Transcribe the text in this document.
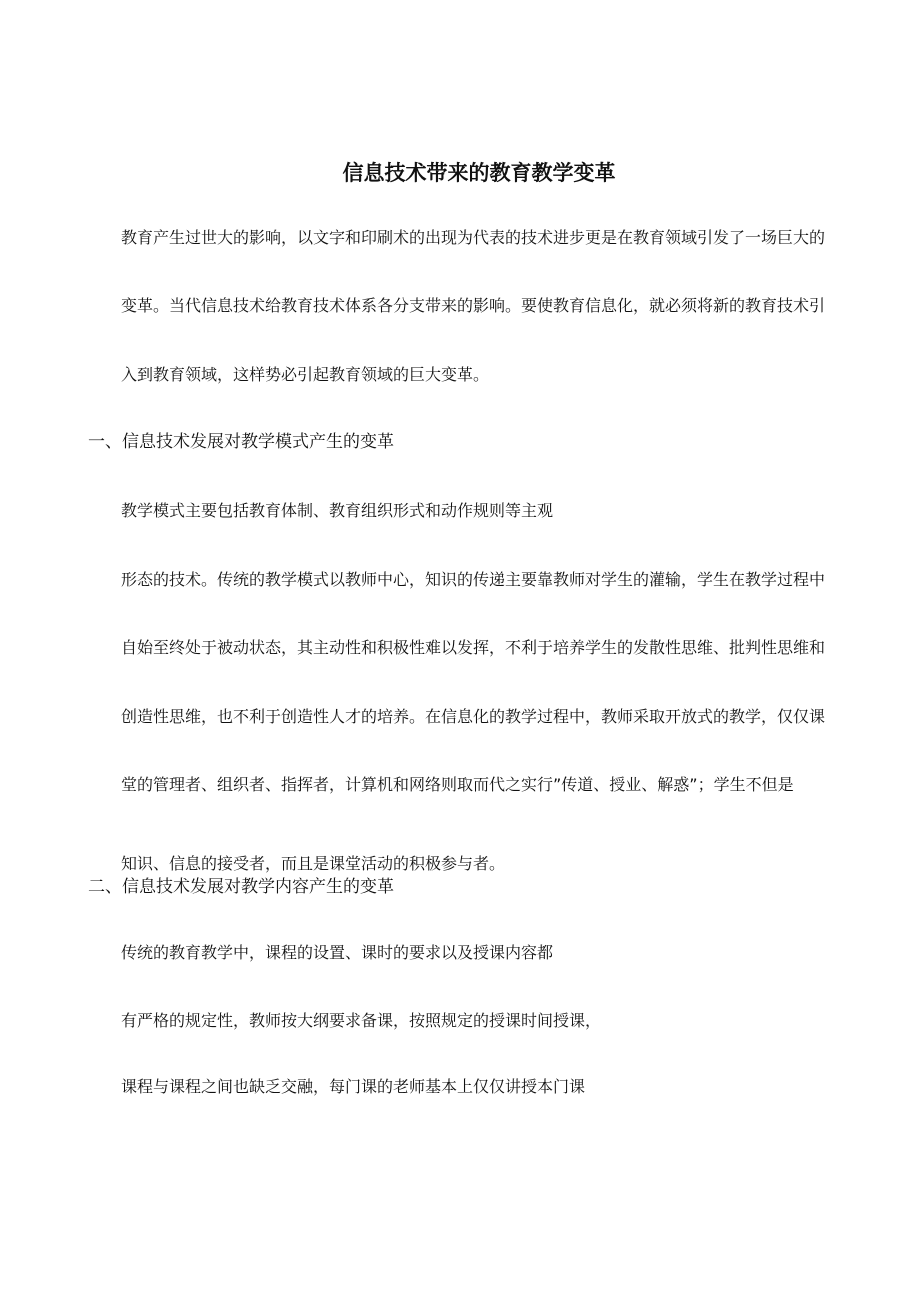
信息技术带来的教育教学变革

教育产生过世大的影响，以文字和印刷术的出现为代表的技术进步更是在教育领域引发了一场巨大的

变革。当代信息技术给教育技术体系各分支带来的影响。要使教育信息化，就必须将新的教育技术引

入到教育领域，这样势必引起教育领域的巨大变革。

一、信息技术发展对教学模式产生的变革

教学模式主要包括教育体制、教育组织形式和动作规则等主观

形态的技术。传统的教学模式以教师中心，知识的传递主要靠教师对学生的灌输，学生在教学过程中

自始至终处于被动状态，其主动性和积极性难以发挥，不利于培养学生的发散性思维、批判性思维和

创造性思维，也不利于创造性人才的培养。在信息化的教学过程中，教师采取开放式的教学，仅仅课

堂的管理者、组织者、指挥者，计算机和网络则取而代之实行”传道、授业、解惑”；学生不但是

知识、信息的接受者，而且是课堂活动的积极参与者。

二、信息技术发展对教学内容产生的变革

传统的教育教学中，课程的设置、课时的要求以及授课内容都

有严格的规定性，教师按大纲要求备课，按照规定的授课时间授课，

课程与课程之间也缺乏交融，每门课的老师基本上仅仅讲授本门课
